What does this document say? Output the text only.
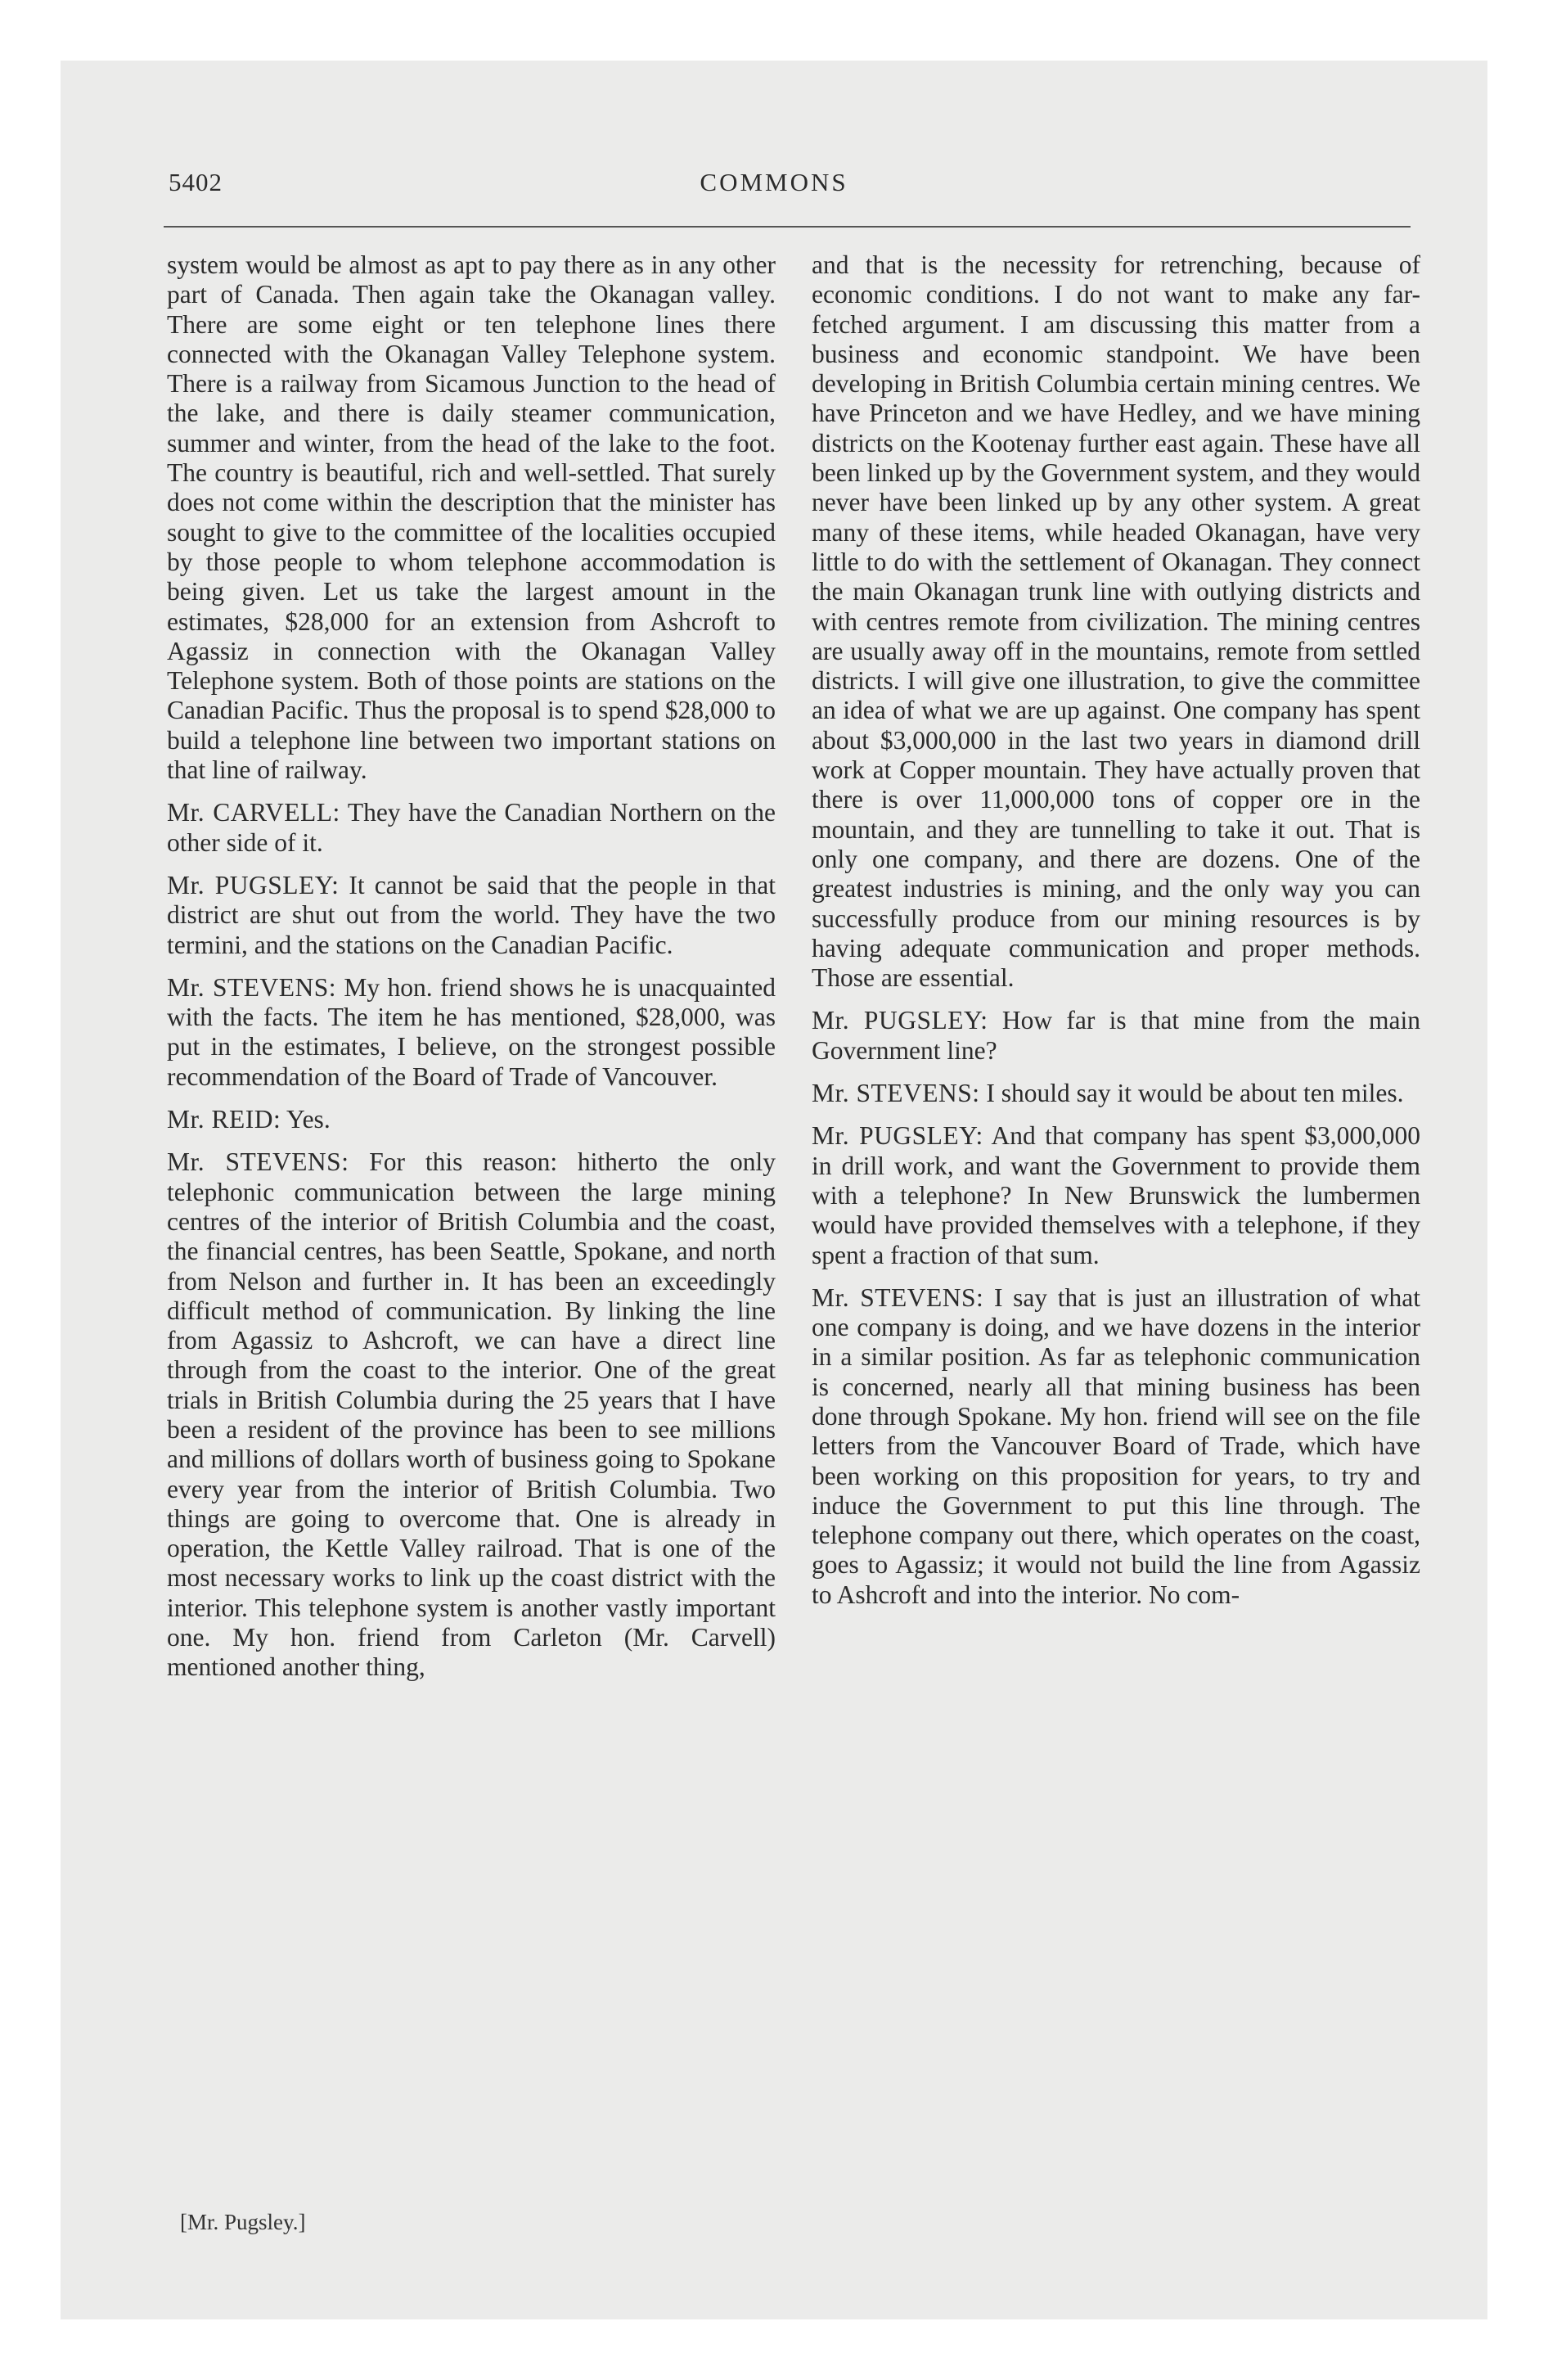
5402	COMMONS

system would be almost as apt to pay there as in any other part of Canada. Then again take the Okanagan valley. There are some eight or ten telephone lines there connected with the Okanagan Valley Telephone system. There is a railway from Sicamous Junction to the head of the lake, and there is daily steamer communication, summer and winter, from the head of the lake to the foot. The country is beautiful, rich and well-settled. That surely does not come within the description that the minister has sought to give to the committee of the localities occupied by those people to whom telephone accommodation is being given. Let us take the largest amount in the estimates, $28,000 for an extension from Ashcroft to Agassiz in connection with the Okanagan Valley Telephone system. Both of those points are stations on the Canadian Pacific. Thus the proposal is to spend $28,000 to build a telephone line between two important stations on that line of railway.

Mr. CARVELL: They have the Canadian Northern on the other side of it.

Mr. PUGSLEY: It cannot be said that the people in that district are shut out from the world. They have the two termini, and the stations on the Canadian Pacific.

Mr. STEVENS: My hon. friend shows he is unacquainted with the facts. The item he has mentioned, $28,000, was put in the estimates, I believe, on the strongest possible recommendation of the Board of Trade of Vancouver.

Mr. REID: Yes.

Mr. STEVENS: For this reason: hitherto the only telephonic communication between the large mining centres of the interior of British Columbia and the coast, the financial centres, has been Seattle, Spokane, and north from Nelson and further in. It has been an exceedingly difficult method of communication. By linking the line from Agassiz to Ashcroft, we can have a direct line through from the coast to the interior. One of the great trials in British Columbia during the 25 years that I have been a resident of the province has been to see millions and millions of dollars worth of business going to Spokane every year from the interior of British Columbia. Two things are going to overcome that. One is already in operation, the Kettle Valley railroad. That is one of the most necessary works to link up the coast district with the interior. This telephone system is another vastly important one. My hon. friend from Carleton (Mr. Carvell) mentioned another thing,

and that is the necessity for retrenching, because of economic conditions. I do not want to make any far-fetched argument. I am discussing this matter from a business and economic standpoint. We have been developing in British Columbia certain mining centres. We have Princeton and we have Hedley, and we have mining districts on the Kootenay further east again. These have all been linked up by the Government system, and they would never have been linked up by any other system. A great many of these items, while headed Okanagan, have very little to do with the settlement of Okanagan. They connect the main Okanagan trunk line with outlying districts and with centres remote from civilization. The mining centres are usually away off in the mountains, remote from settled districts. I will give one illustration, to give the committee an idea of what we are up against. One company has spent about $3,000,000 in the last two years in diamond drill work at Copper mountain. They have actually proven that there is over 11,000,000 tons of copper ore in the mountain, and they are tunnelling to take it out. That is only one company, and there are dozens. One of the greatest industries is mining, and the only way you can successfully produce from our mining resources is by having adequate communication and proper methods. Those are essential.

Mr. PUGSLEY: How far is that mine from the main Government line?

Mr. STEVENS: I should say it would be about ten miles.

Mr. PUGSLEY: And that company has spent $3,000,000 in drill work, and want the Government to provide them with a telephone? In New Brunswick the lumbermen would have provided themselves with a telephone, if they spent a fraction of that sum.

Mr. STEVENS: I say that is just an illustration of what one company is doing, and we have dozens in the interior in a similar position. As far as telephonic communication is concerned, nearly all that mining business has been done through Spokane. My hon. friend will see on the file letters from the Vancouver Board of Trade, which have been working on this proposition for years, to try and induce the Government to put this line through. The telephone company out there, which operates on the coast, goes to Agassiz; it would not build the line from Agassiz to Ashcroft and into the interior. No com-

[Mr. Pugsley.]
